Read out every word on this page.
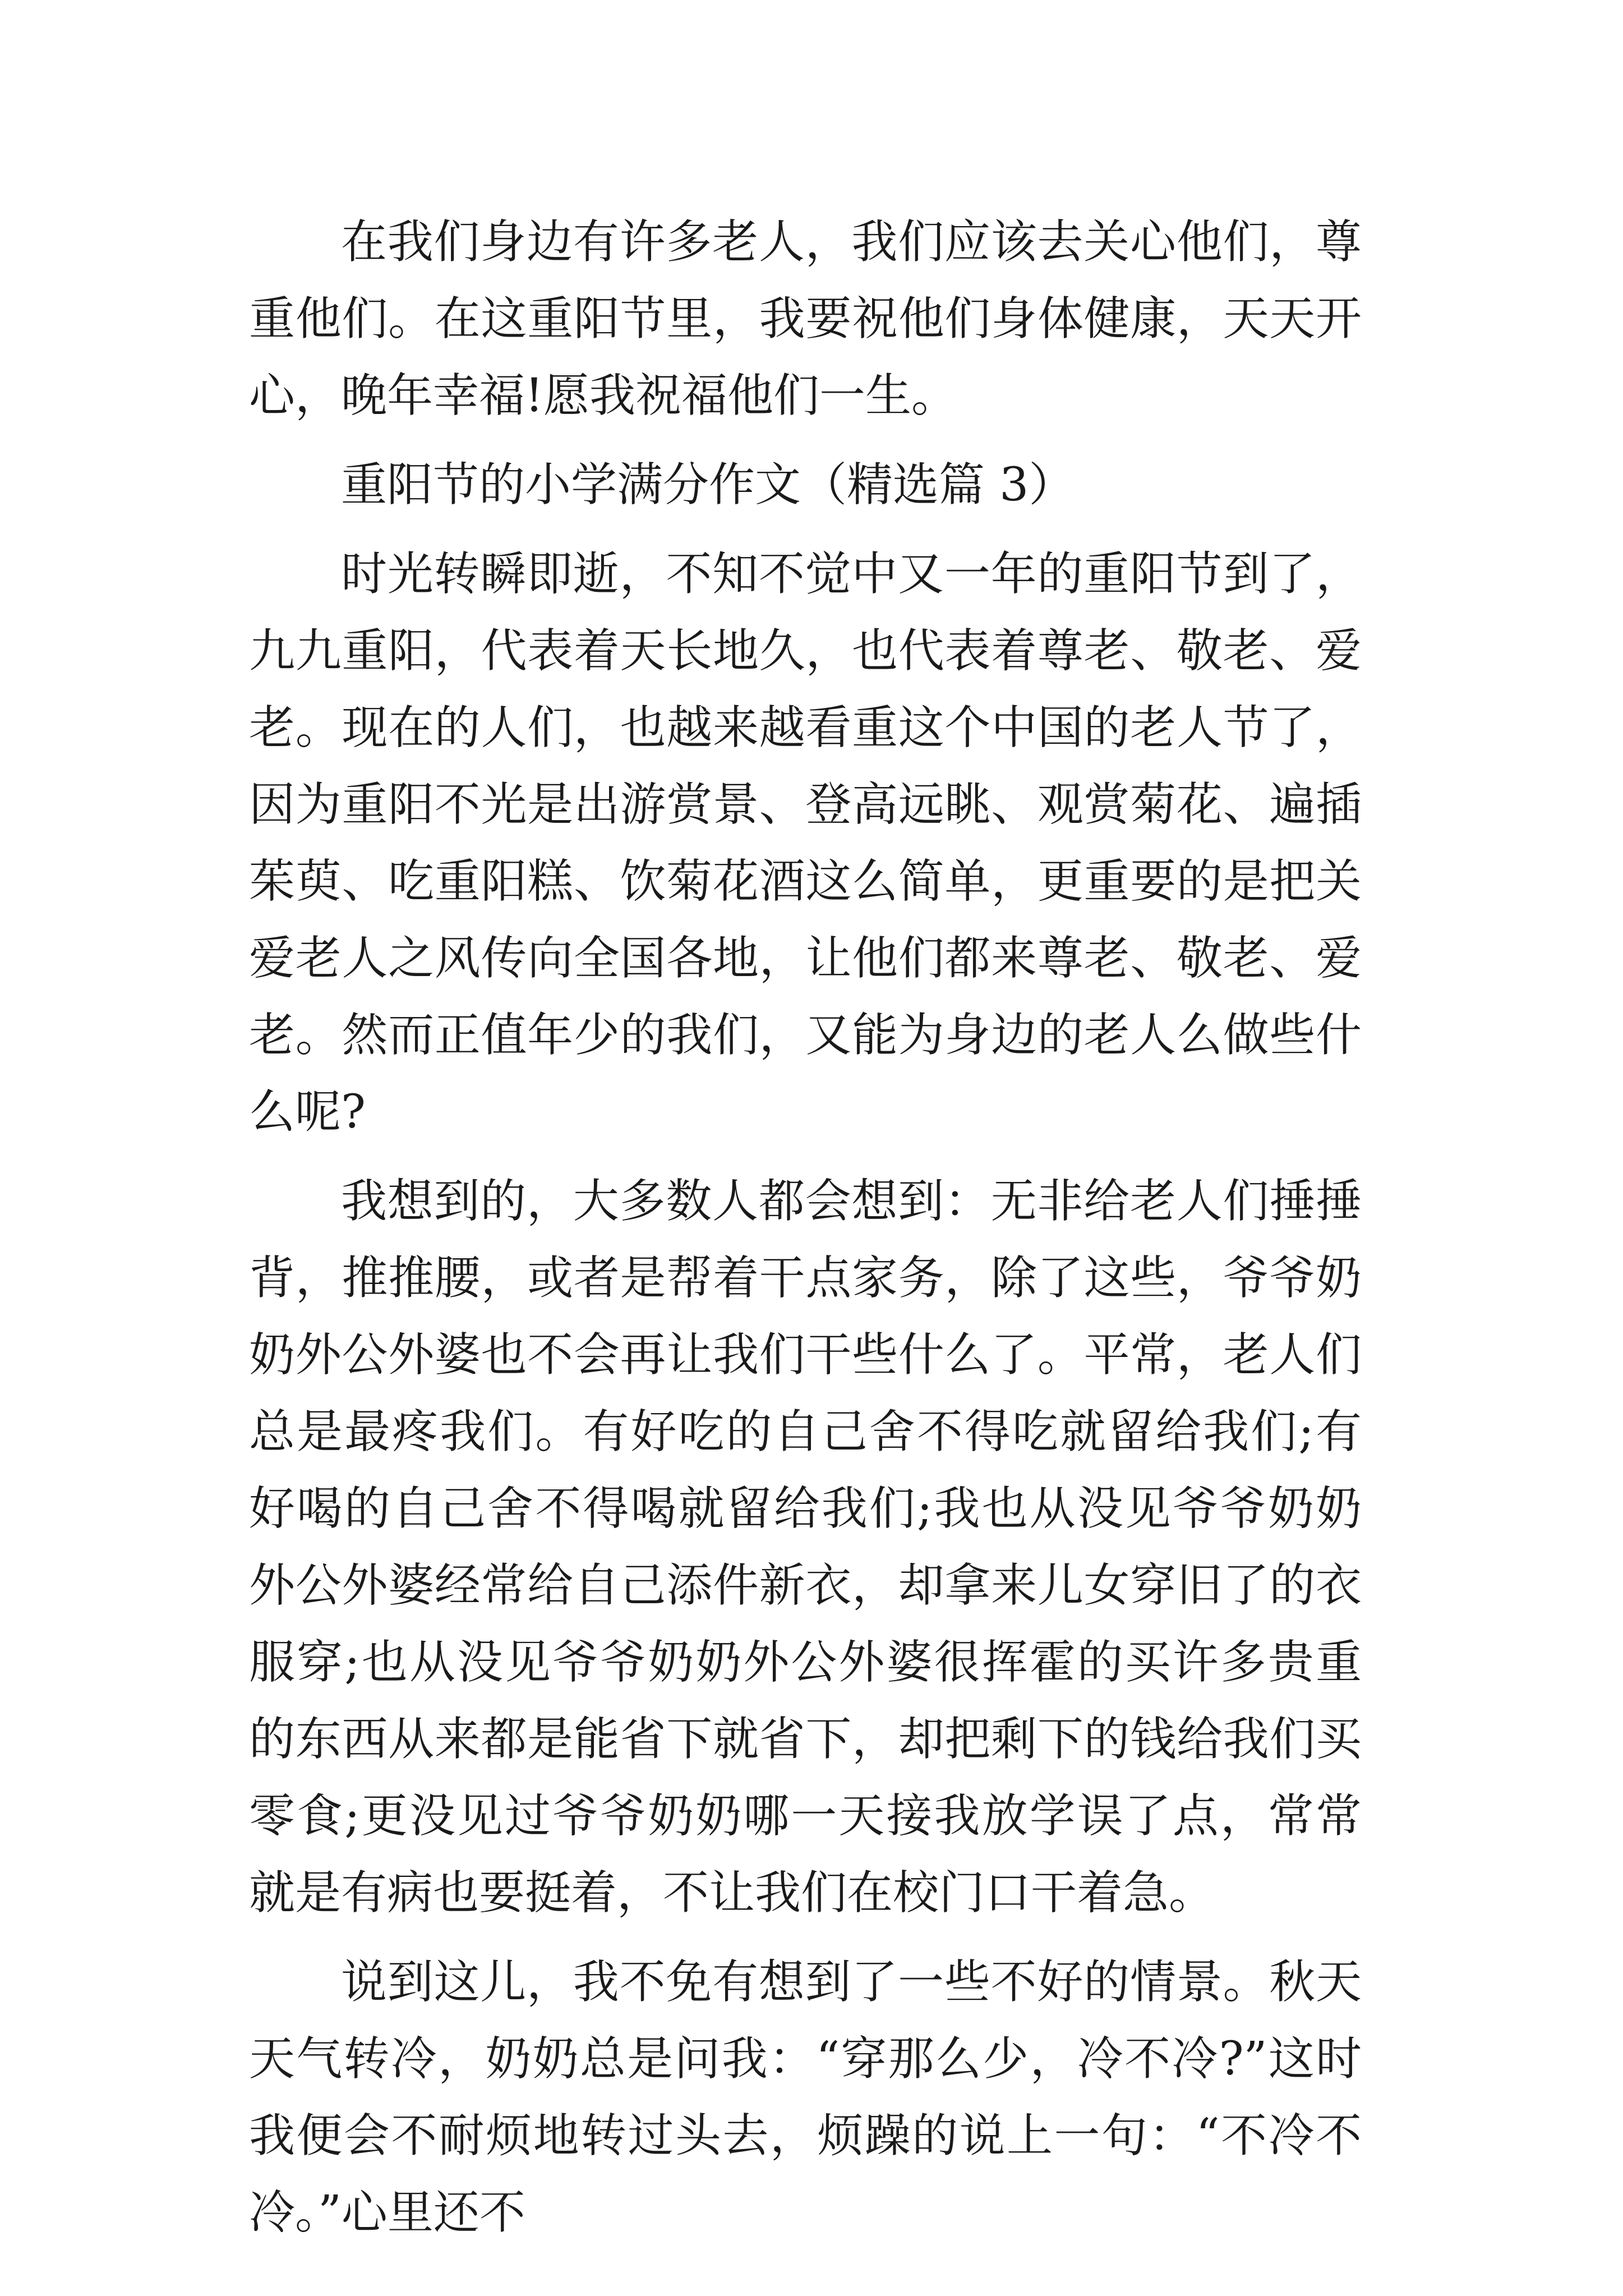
在我们身边有许多老人，我们应该去关心他们，尊重他们。在这重阳节里，我要祝他们身体健康，天天开心，晚年幸福!愿我祝福他们一生。

重阳节的小学满分作文（精选篇 3）

时光转瞬即逝，不知不觉中又一年的重阳节到了，九九重阳，代表着天长地久，也代表着尊老、敬老、爱老。现在的人们，也越来越看重这个中国的老人节了，因为重阳不光是出游赏景、登高远眺、观赏菊花、遍插茱萸、吃重阳糕、饮菊花酒这么简单，更重要的是把关爱老人之风传向全国各地，让他们都来尊老、敬老、爱老。然而正值年少的我们，又能为身边的老人么做些什么呢?

我想到的，大多数人都会想到：无非给老人们捶捶背，推推腰，或者是帮着干点家务，除了这些，爷爷奶奶外公外婆也不会再让我们干些什么了。平常，老人们总是最疼我们。有好吃的自己舍不得吃就留给我们;有好喝的自己舍不得喝就留给我们;我也从没见爷爷奶奶外公外婆经常给自己添件新衣，却拿来儿女穿旧了的衣服穿;也从没见爷爷奶奶外公外婆很挥霍的买许多贵重的东西从来都是能省下就省下，却把剩下的钱给我们买零食;更没见过爷爷奶奶哪一天接我放学误了点，常常就是有病也要挺着，不让我们在校门口干着急。

说到这儿，我不免有想到了一些不好的情景。秋天天气转冷，奶奶总是问我：“穿那么少，冷不冷?”这时我便会不耐烦地转过头去，烦躁的说上一句：“不冷不冷。”心里还不
